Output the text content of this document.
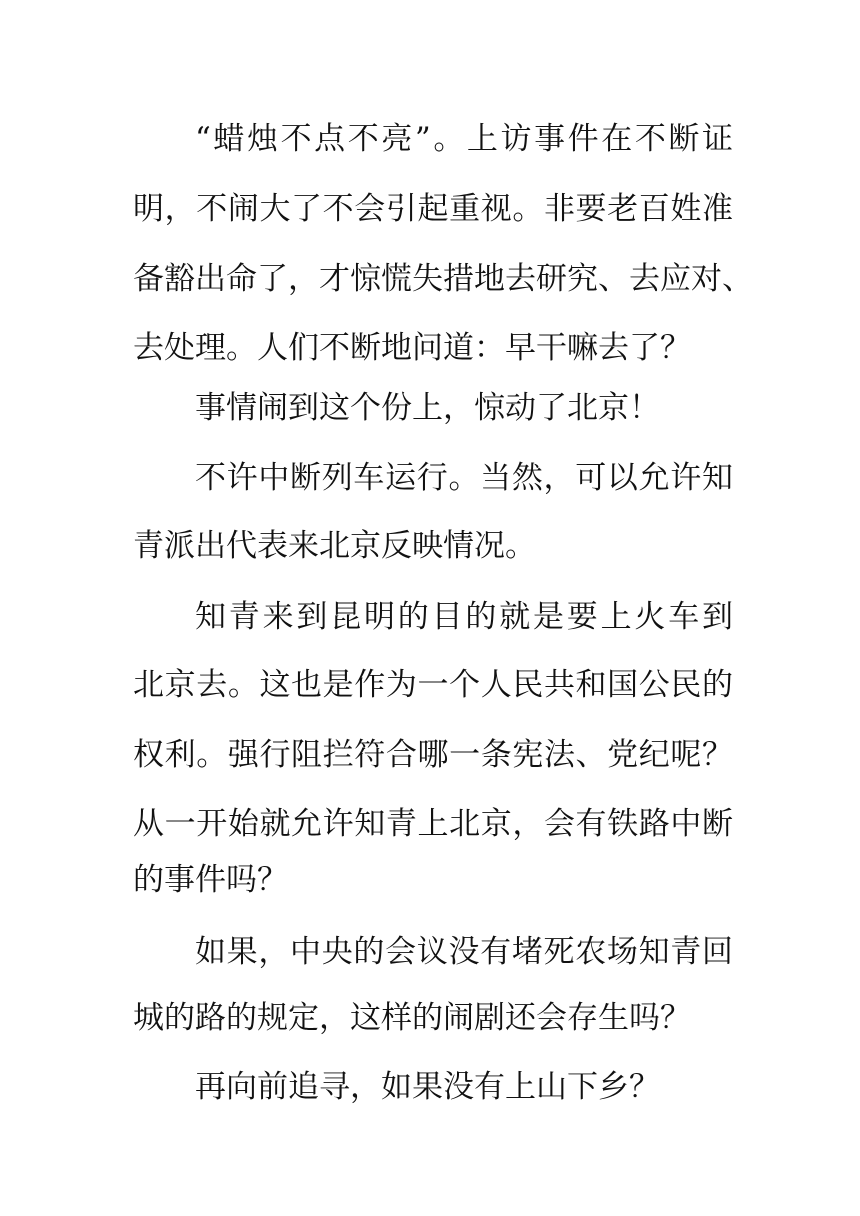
“蜡烛不点不亮”。上访事件在不断证
明，不闹大了不会引起重视。非要老百姓准
备豁出命了，才惊慌失措地去研究、去应对、
去处理。人们不断地问道：早干嘛去了？
事情闹到这个份上，惊动了北京！
不许中断列车运行。当然，可以允许知
青派出代表来北京反映情况。
知青来到昆明的目的就是要上火车到
北京去。这也是作为一个人民共和国公民的
权利。强行阻拦符合哪一条宪法、党纪呢？
从一开始就允许知青上北京，会有铁路中断
的事件吗？
如果，中央的会议没有堵死农场知青回
城的路的规定，这样的闹剧还会存生吗？
再向前追寻，如果没有上山下乡？
